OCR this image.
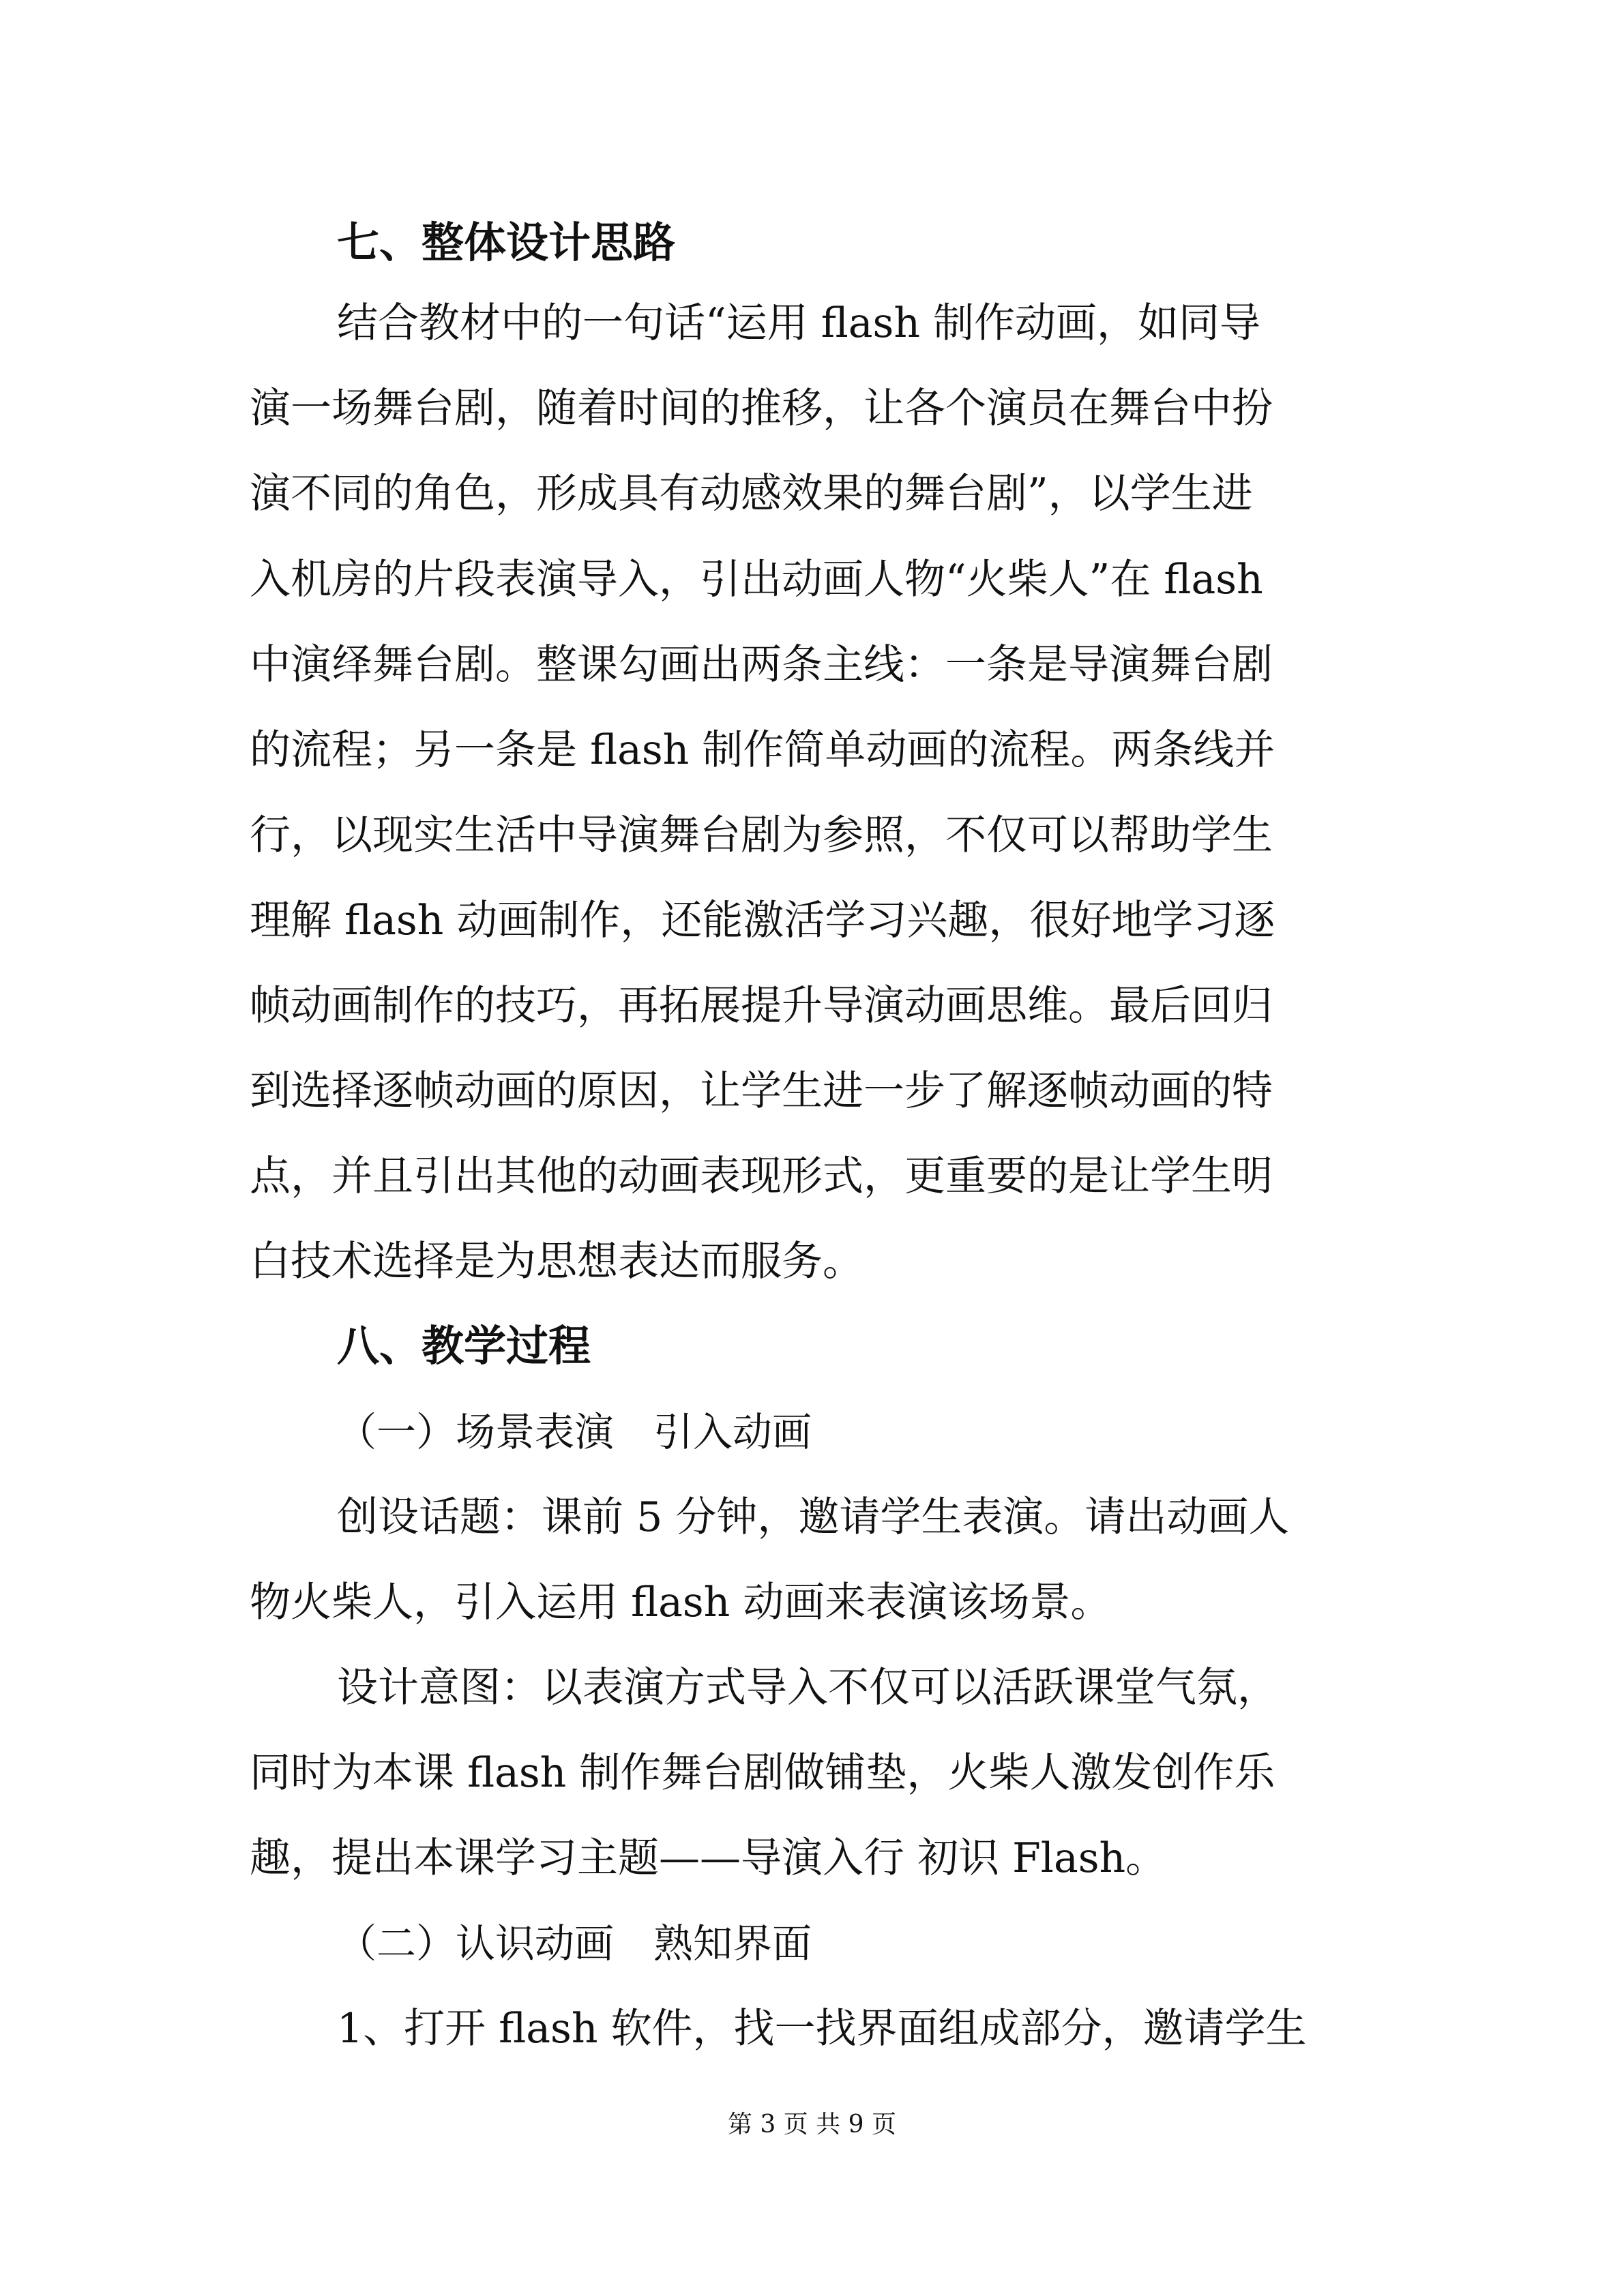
七、整体设计思路
结合教材中的一句话“运用 flash 制作动画，如同导
演一场舞台剧，随着时间的推移，让各个演员在舞台中扮
演不同的角色，形成具有动感效果的舞台剧”，以学生进
入机房的片段表演导入，引出动画人物“火柴人”在 flash
中演绎舞台剧。整课勾画出两条主线：一条是导演舞台剧
的流程；另一条是 flash 制作简单动画的流程。两条线并
行，以现实生活中导演舞台剧为参照，不仅可以帮助学生
理解 flash 动画制作，还能激活学习兴趣，很好地学习逐
帧动画制作的技巧，再拓展提升导演动画思维。最后回归
到选择逐帧动画的原因，让学生进一步了解逐帧动画的特
点，并且引出其他的动画表现形式，更重要的是让学生明
白技术选择是为思想表达而服务。
八、教学过程
（一）场景表演　引入动画
创设话题：课前 5 分钟，邀请学生表演。请出动画人
物火柴人，引入运用 flash 动画来表演该场景。
设计意图：以表演方式导入不仅可以活跃课堂气氛，
同时为本课 flash 制作舞台剧做铺垫，火柴人激发创作乐
趣，提出本课学习主题——导演入行 初识 Flash。
（二）认识动画　熟知界面
1、打开 flash 软件，找一找界面组成部分，邀请学生
第 3 页 共 9 页
